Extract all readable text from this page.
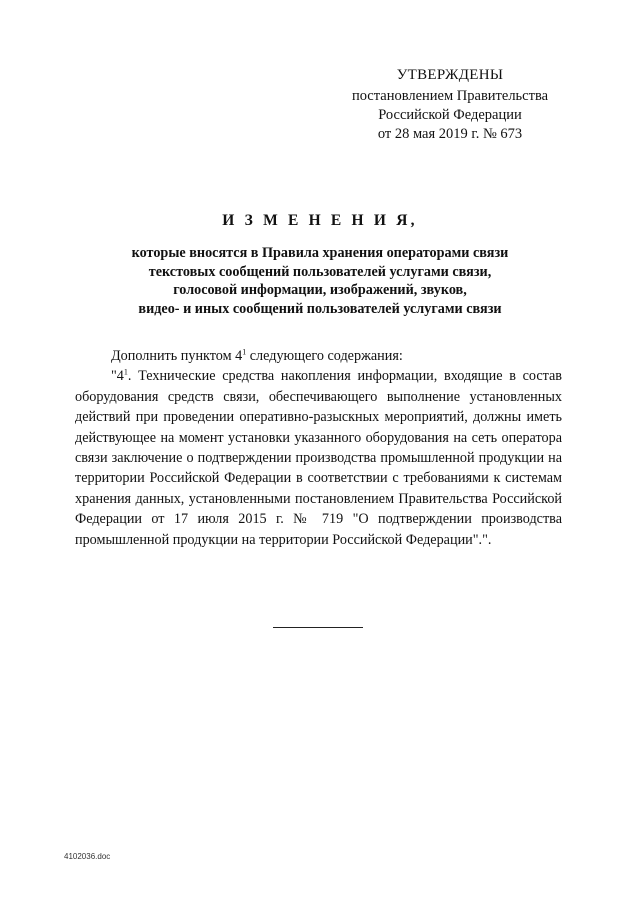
УТВЕРЖДЕНЫ
постановлением Правительства
Российской Федерации
от 28 мая 2019 г. № 673
И З М Е Н Е Н И Я,
которые вносятся в Правила хранения операторами связи
текстовых сообщений пользователей услугами связи,
голосовой информации, изображений, звуков,
видео- и иных сообщений пользователей услугами связи

Дополнить пунктом $4^1$ следующего содержания:

"$4^1$. Технические средства накопления информации, входящие в состав оборудования средств связи, обеспечивающего выполнение установленных действий при проведении оперативно-разыскных мероприятий, должны иметь действующее на момент установки указанного оборудования на сеть оператора связи заключение о подтверждении производства промышленной продукции на территории Российской Федерации в соответствии с требованиями к системам хранения данных, установленными постановлением Правительства Российской Федерации от 17 июля 2015 г. № 719 "О подтверждении производства промышленной продукции на территории Российской Федерации".".

4102036.doc
